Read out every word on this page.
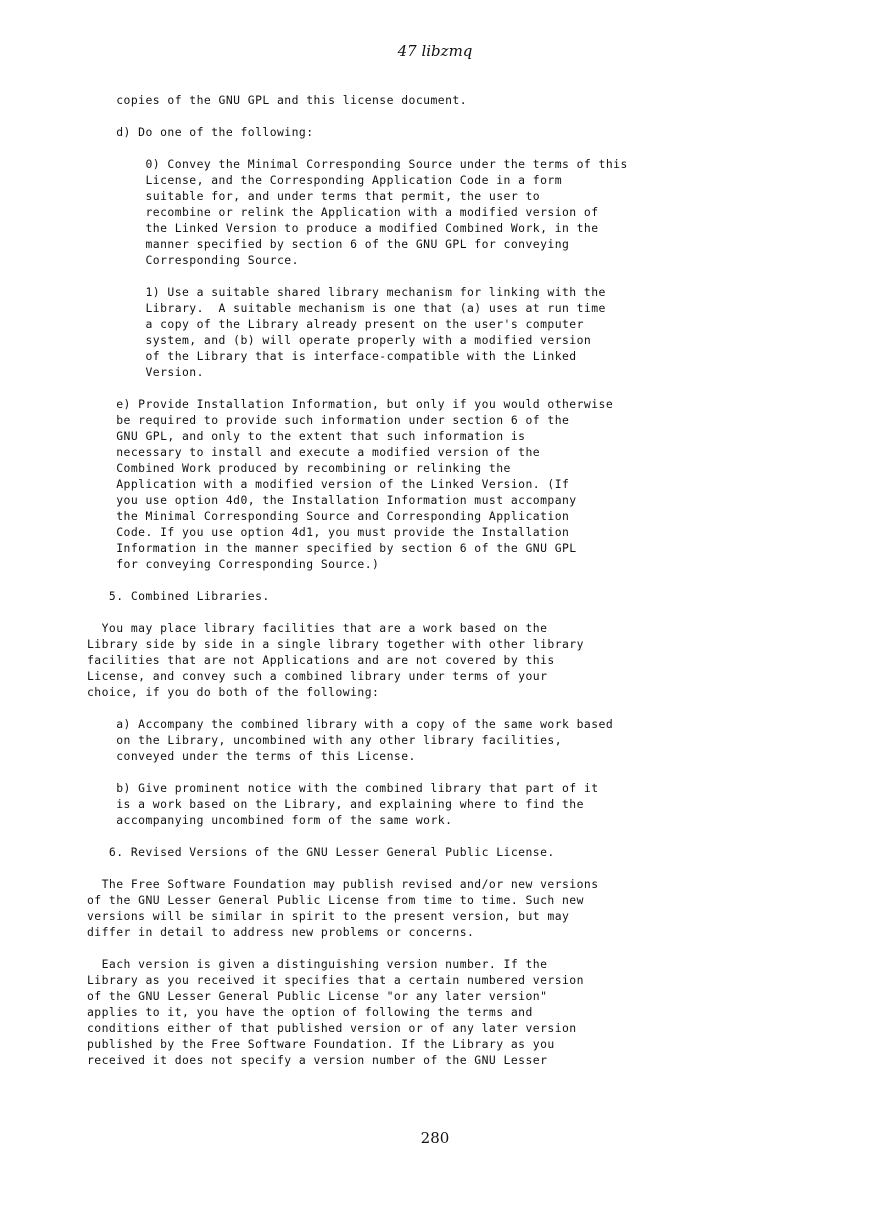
47 libzmq
copies of the GNU GPL and this license document.

d) Do one of the following:

0) Convey the Minimal Corresponding Source under the terms of this
License, and the Corresponding Application Code in a form
suitable for, and under terms that permit, the user to
recombine or relink the Application with a modified version of
the Linked Version to produce a modified Combined Work, in the
manner specified by section 6 of the GNU GPL for conveying
Corresponding Source.

1) Use a suitable shared library mechanism for linking with the
Library.  A suitable mechanism is one that (a) uses at run time
a copy of the Library already present on the user's computer
system, and (b) will operate properly with a modified version
of the Library that is interface-compatible with the Linked
Version.

e) Provide Installation Information, but only if you would otherwise
be required to provide such information under section 6 of the
GNU GPL, and only to the extent that such information is
necessary to install and execute a modified version of the
Combined Work produced by recombining or relinking the
Application with a modified version of the Linked Version. (If
you use option 4d0, the Installation Information must accompany
the Minimal Corresponding Source and Corresponding Application
Code. If you use option 4d1, you must provide the Installation
Information in the manner specified by section 6 of the GNU GPL
for conveying Corresponding Source.)

5. Combined Libraries.

You may place library facilities that are a work based on the
Library side by side in a single library together with other library
facilities that are not Applications and are not covered by this
License, and convey such a combined library under terms of your
choice, if you do both of the following:

a) Accompany the combined library with a copy of the same work based
on the Library, uncombined with any other library facilities,
conveyed under the terms of this License.

b) Give prominent notice with the combined library that part of it
is a work based on the Library, and explaining where to find the
accompanying uncombined form of the same work.

6. Revised Versions of the GNU Lesser General Public License.

The Free Software Foundation may publish revised and/or new versions
of the GNU Lesser General Public License from time to time. Such new
versions will be similar in spirit to the present version, but may
differ in detail to address new problems or concerns.

Each version is given a distinguishing version number. If the
Library as you received it specifies that a certain numbered version
of the GNU Lesser General Public License "or any later version"
applies to it, you have the option of following the terms and
conditions either of that published version or of any later version
published by the Free Software Foundation. If the Library as you
received it does not specify a version number of the GNU Lesser
280
